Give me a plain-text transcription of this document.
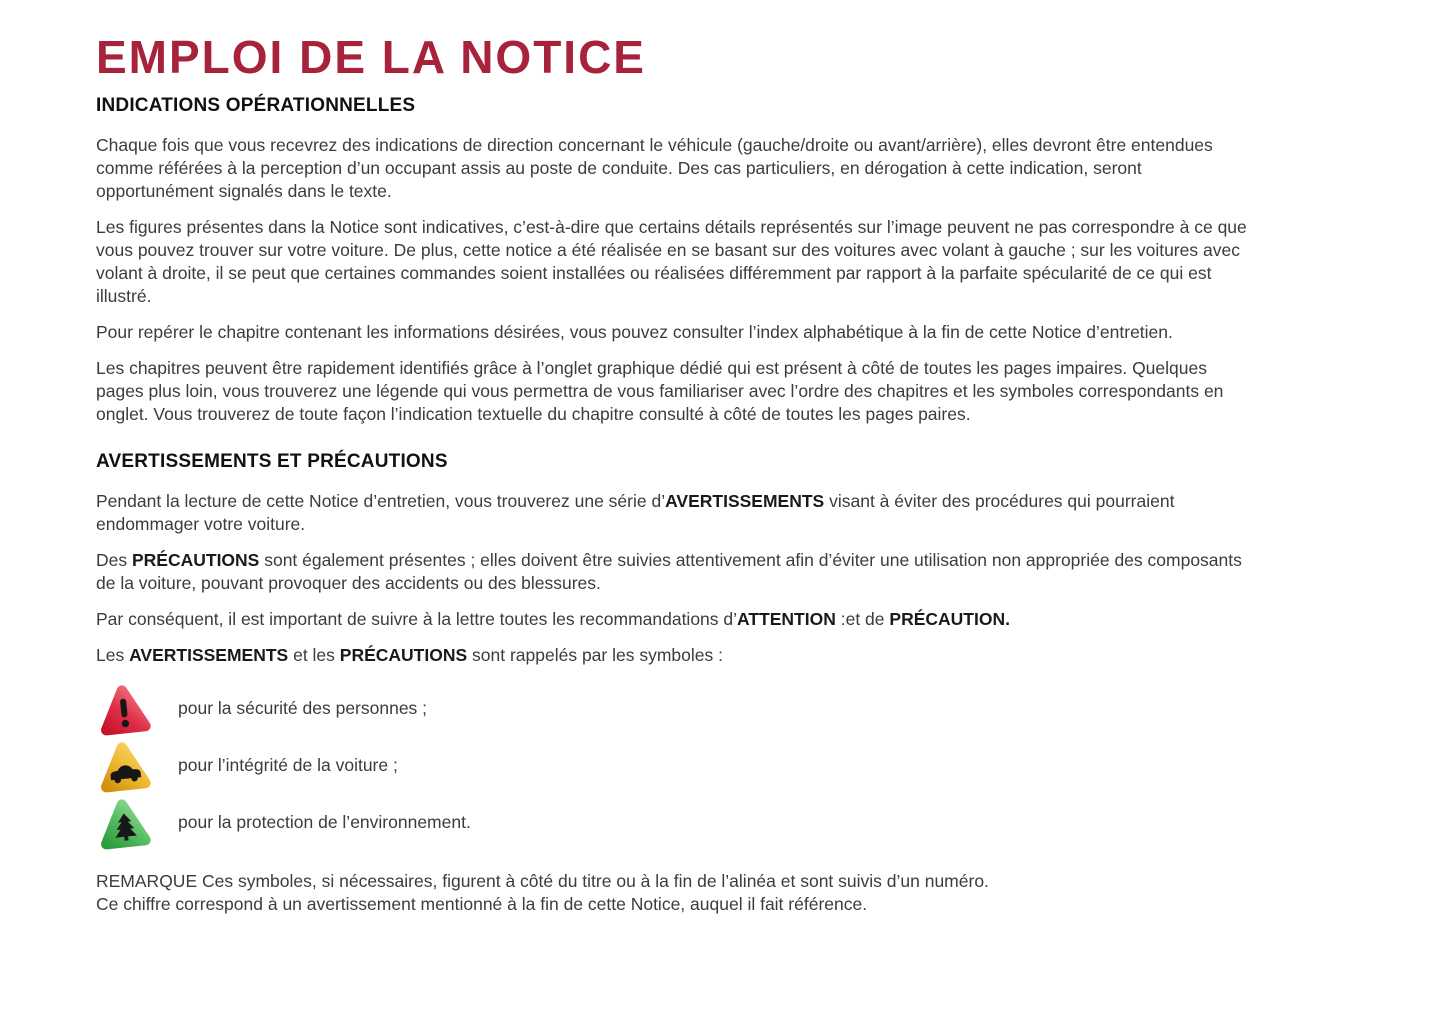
EMPLOI DE LA NOTICE
INDICATIONS OPÉRATIONNELLES

Chaque fois que vous recevrez des indications de direction concernant le véhicule (gauche/droite ou avant/arrière), elles devront être entendues comme référées à la perception d’un occupant assis au poste de conduite. Des cas particuliers, en dérogation à cette indication, seront opportunément signalés dans le texte.

Les figures présentes dans la Notice sont indicatives, c’est-à-dire que certains détails représentés sur l’image peuvent ne pas correspondre à ce que vous pouvez trouver sur votre voiture. De plus, cette notice a été réalisée en se basant sur des voitures avec volant à gauche ; sur les voitures avec volant à droite, il se peut que certaines commandes soient installées ou réalisées différemment par rapport à la parfaite spécularité de ce qui est illustré.

Pour repérer le chapitre contenant les informations désirées, vous pouvez consulter l’index alphabétique à la fin de cette Notice d’entretien.

Les chapitres peuvent être rapidement identifiés grâce à l’onglet graphique dédié qui est présent à côté de toutes les pages impaires. Quelques pages plus loin, vous trouverez une légende qui vous permettra de vous familiariser avec l’ordre des chapitres et les symboles correspondants en onglet. Vous trouverez de toute façon l’indication textuelle du chapitre consulté à côté de toutes les pages paires.

AVERTISSEMENTS ET PRÉCAUTIONS

Pendant la lecture de cette Notice d’entretien, vous trouverez une série d’AVERTISSEMENTS visant à éviter des procédures qui pourraient endommager votre voiture.

Des PRÉCAUTIONS sont également présentes ; elles doivent être suivies attentivement afin d’éviter une utilisation non appropriée des composants de la voiture, pouvant provoquer des accidents ou des blessures.

Par conséquent, il est important de suivre à la lettre toutes les recommandations d’ATTENTION :et de PRÉCAUTION.

Les AVERTISSEMENTS et les PRÉCAUTIONS sont rappelés par les symboles :

pour la sécurité des personnes ;
pour l’intégrité de la voiture ;
pour la protection de l’environnement.

REMARQUE Ces symboles, si nécessaires, figurent à côté du titre ou à la fin de l’alinéa et sont suivis d’un numéro.
Ce chiffre correspond à un avertissement mentionné à la fin de cette Notice, auquel il fait référence.
